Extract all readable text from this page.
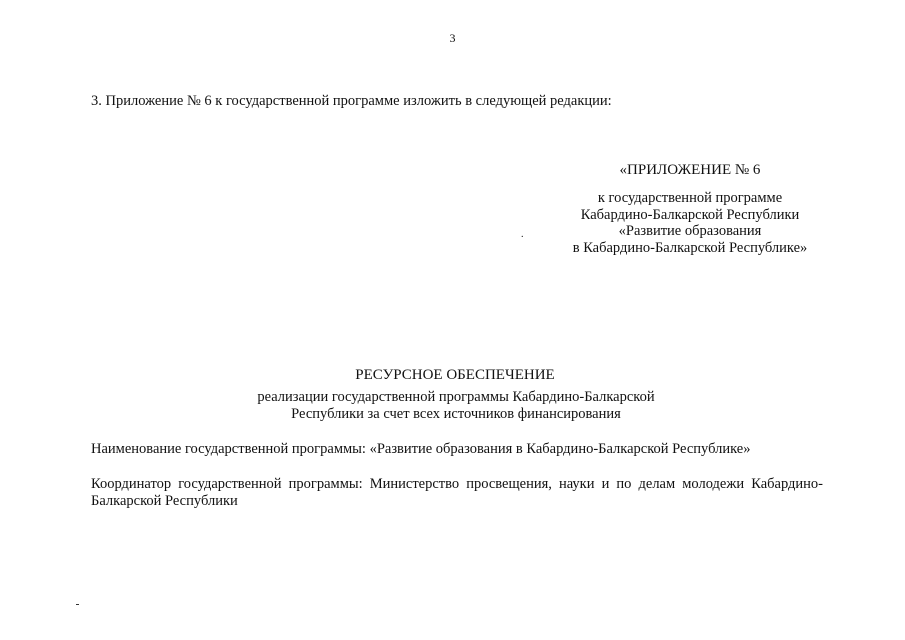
3
3. Приложение № 6 к государственной программе изложить в следующей редакции:
«ПРИЛОЖЕНИЕ № 6
к государственной программе
Кабардино-Балкарской Республики
«Развитие образования
в Кабардино-Балкарской Республике»
.
РЕСУРСНОЕ ОБЕСПЕЧЕНИЕ
реализации государственной программы Кабардино-Балкарской
Республики за счет всех источников финансирования
Наименование государственной программы: «Развитие образования в Кабардино-Балкарской Республике»
Координатор государственной программы: Министерство просвещения, науки и по делам молодежи Кабардино-Балкарской Республики
